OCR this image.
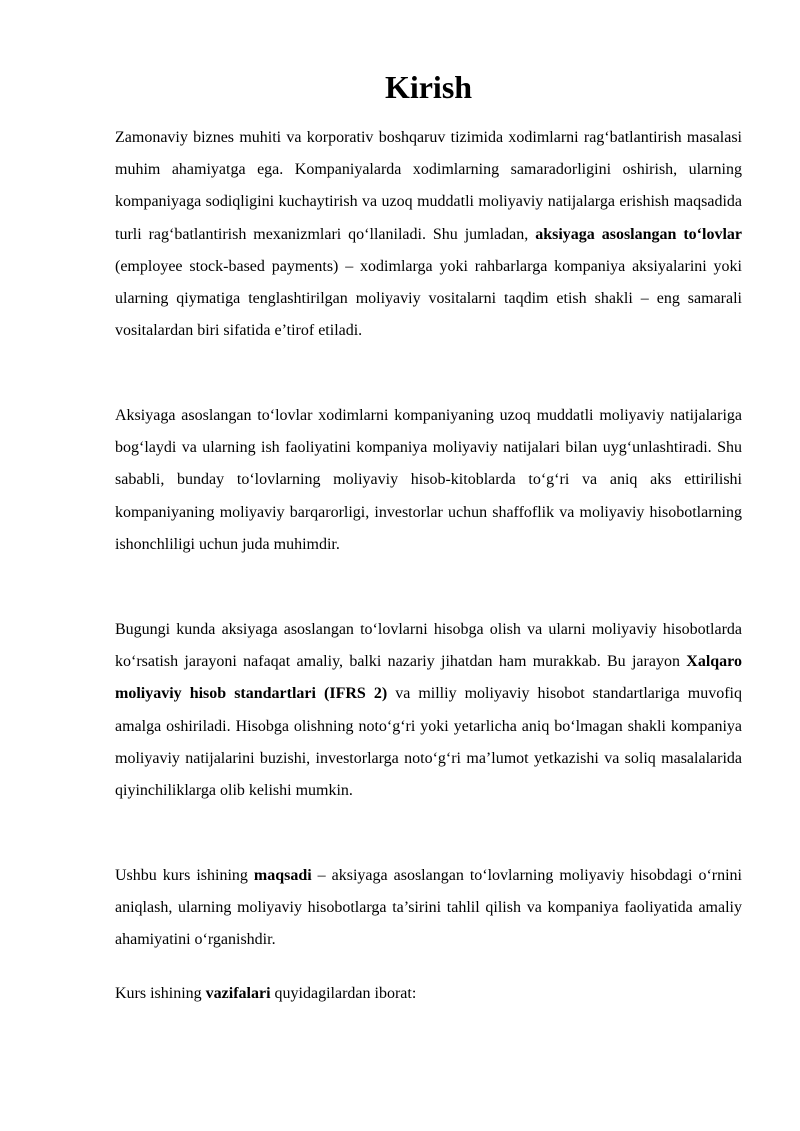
Kirish

Zamonaviy biznes muhiti va korporativ boshqaruv tizimida xodimlarni rag‘batlantirish masalasi muhim ahamiyatga ega. Kompaniyalarda xodimlarning samaradorligini oshirish, ularning kompaniyaga sodiqligini kuchaytirish va uzoq muddatli moliyaviy natijalarga erishish maqsadida turli rag‘batlantirish mexanizmlari qo‘llaniladi. Shu jumladan, aksiyaga asoslangan to‘lovlar (employee stock-based payments) – xodimlarga yoki rahbarlarga kompaniya aksiyalarini yoki ularning qiymatiga tenglashtirilgan moliyaviy vositalarni taqdim etish shakli – eng samarali vositalardan biri sifatida e’tirof etiladi.

Aksiyaga asoslangan to‘lovlar xodimlarni kompaniyaning uzoq muddatli moliyaviy natijalariga bog‘laydi va ularning ish faoliyatini kompaniya moliyaviy natijalari bilan uyg‘unlashtiradi. Shu sababli, bunday to‘lovlarning moliyaviy hisob-kitoblarda to‘g‘ri va aniq aks ettirilishi kompaniyaning moliyaviy barqarorligi, investorlar uchun shaffoflik va moliyaviy hisobotlarning ishonchliligi uchun juda muhimdir.

Bugungi kunda aksiyaga asoslangan to‘lovlarni hisobga olish va ularni moliyaviy hisobotlarda ko‘rsatish jarayoni nafaqat amaliy, balki nazariy jihatdan ham murakkab. Bu jarayon Xalqaro moliyaviy hisob standartlari (IFRS 2) va milliy moliyaviy hisobot standartlariga muvofiq amalga oshiriladi. Hisobga olishning noto‘g‘ri yoki yetarlicha aniq bo‘lmagan shakli kompaniya moliyaviy natijalarini buzishi, investorlarga noto‘g‘ri ma’lumot yetkazishi va soliq masalalarida qiyinchiliklarga olib kelishi mumkin.

Ushbu kurs ishining maqsadi – aksiyaga asoslangan to‘lovlarning moliyaviy hisobdagi o‘rnini aniqlash, ularning moliyaviy hisobotlarga ta’sirini tahlil qilish va kompaniya faoliyatida amaliy ahamiyatini o‘rganishdir.

Kurs ishining vazifalari quyidagilardan iborat:
